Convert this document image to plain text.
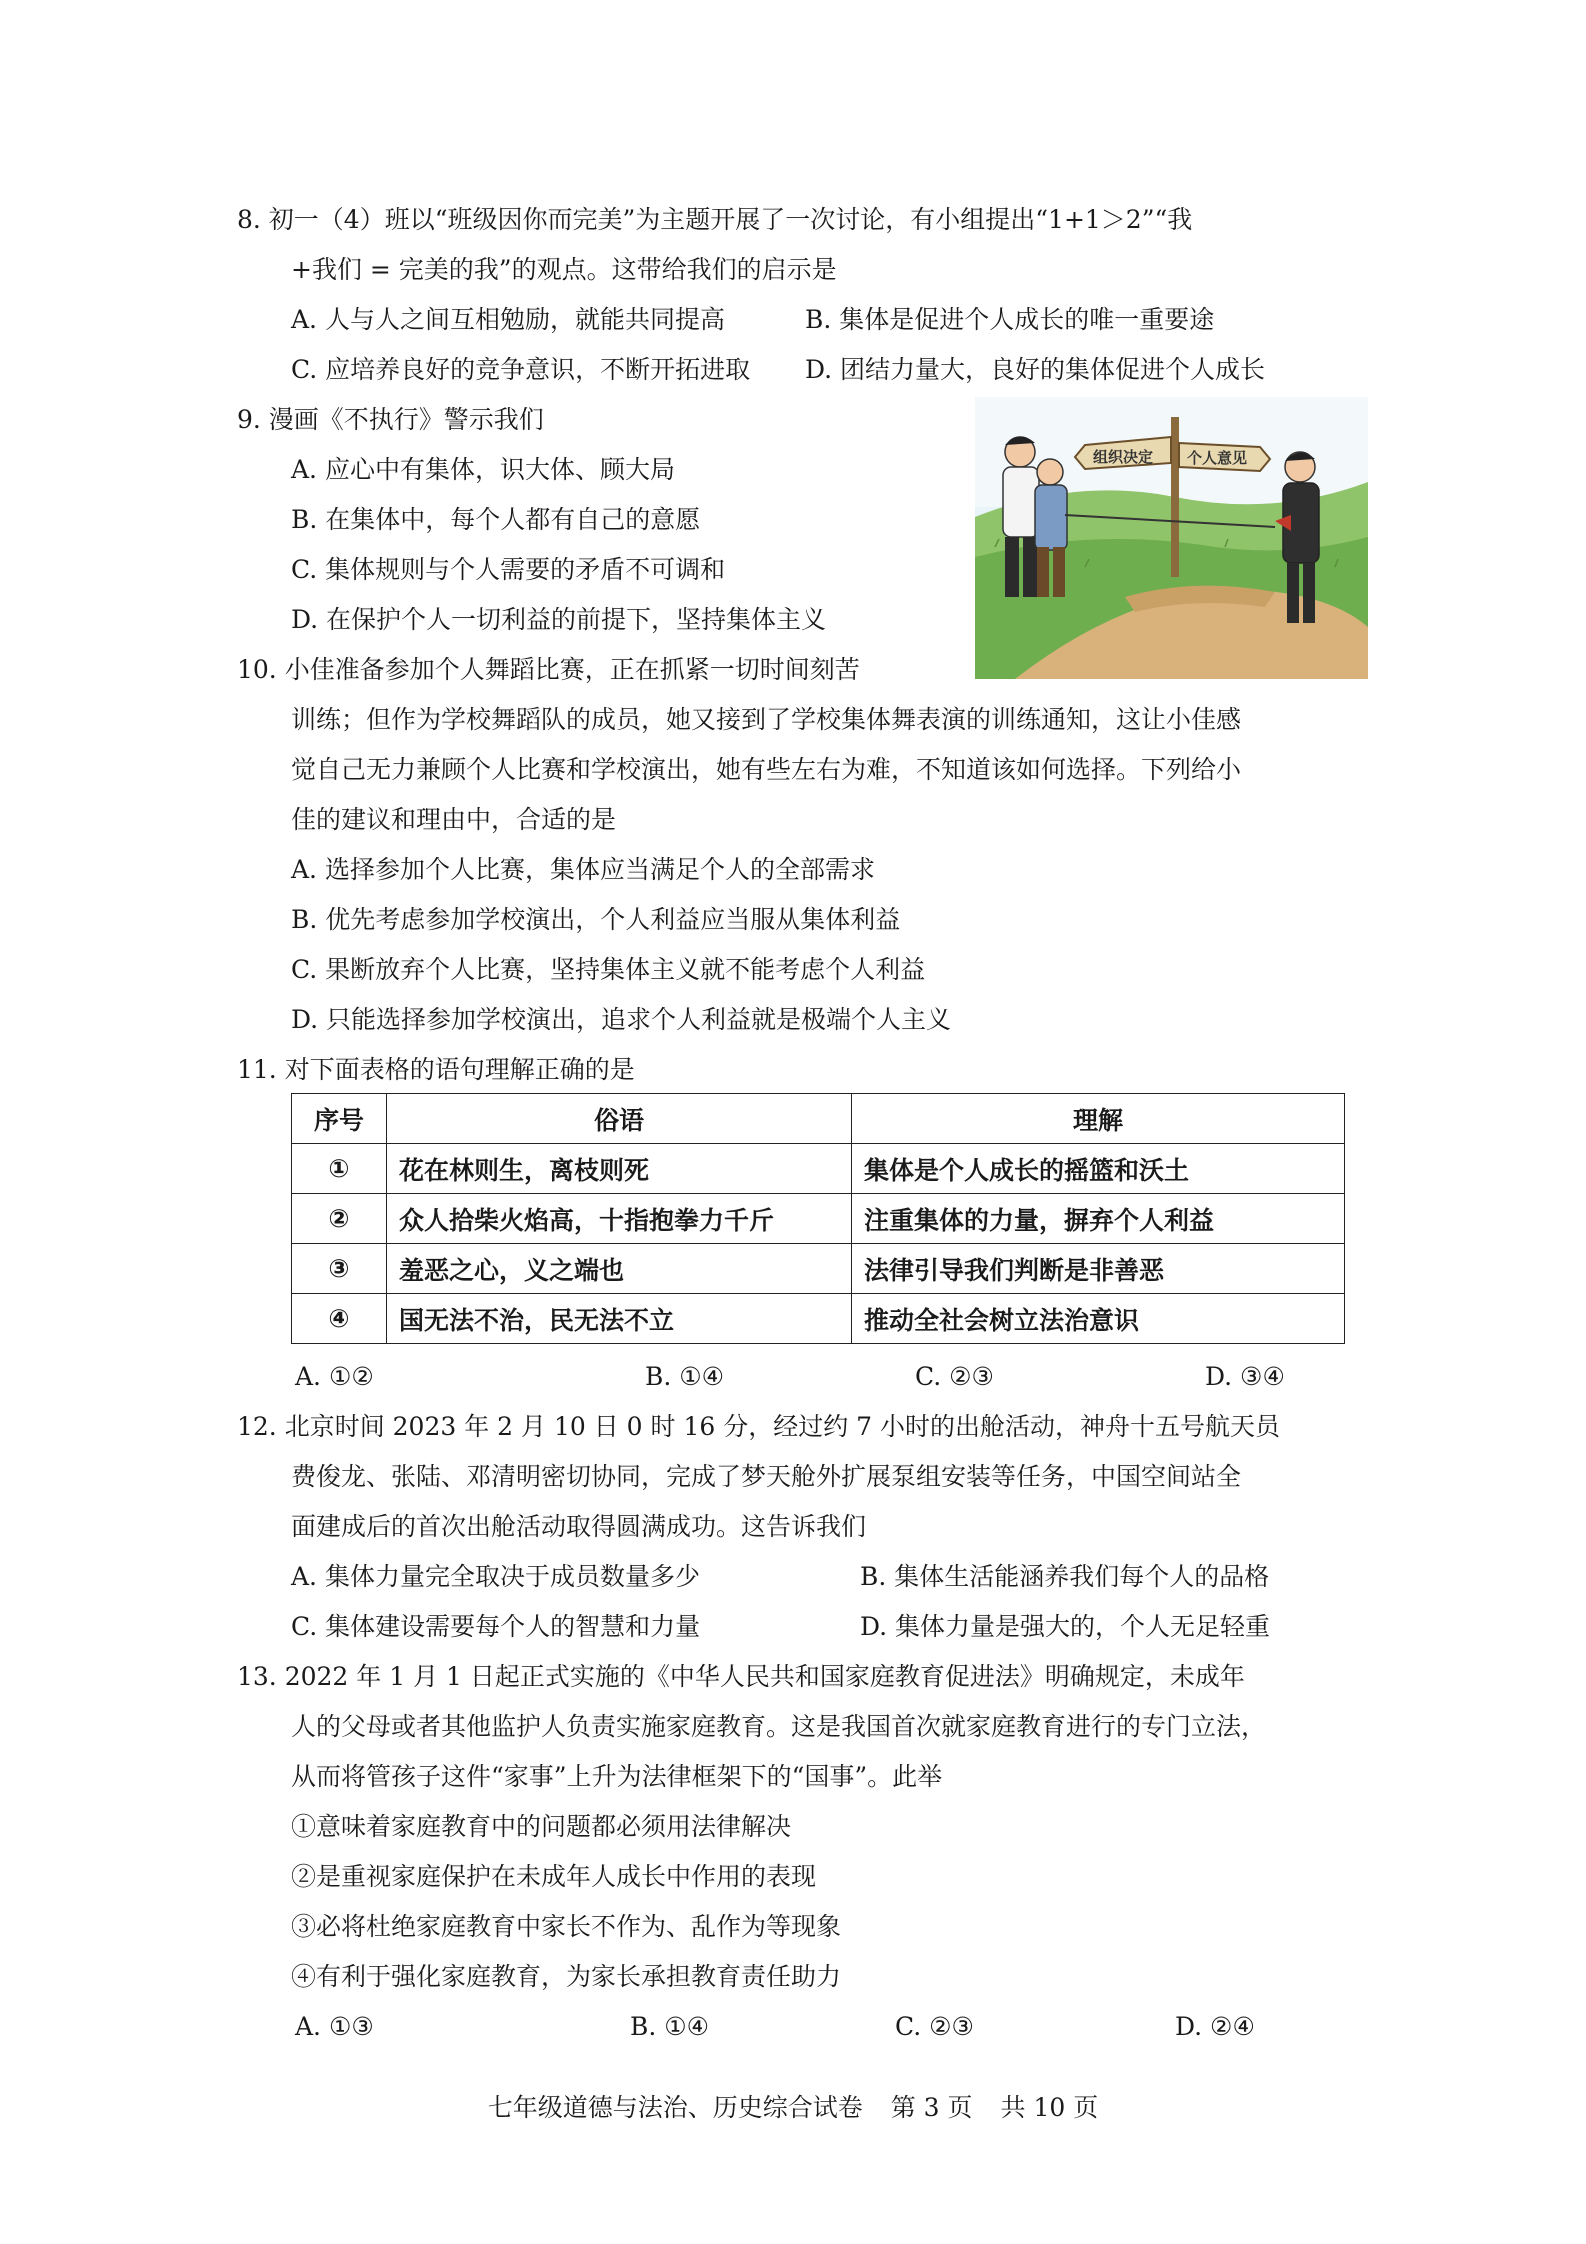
8. 初一（4）班以“班级因你而完美”为主题开展了一次讨论，有小组提出“1+1＞2”“我
+我们 = 完美的我”的观点。这带给我们的启示是
A. 人与人之间互相勉励，就能共同提高	B. 集体是促进个人成长的唯一重要途
C. 应培养良好的竞争意识，不断开拓进取 D. 团结力量大，良好的集体促进个人成长
9. 漫画《不执行》警示我们
A. 应心中有集体，识大体、顾大局
B. 在集体中，每个人都有自己的意愿
C. 集体规则与个人需要的矛盾不可调和
D. 在保护个人一切利益的前提下，坚持集体主义
组织决定 个人意见
10. 小佳准备参加个人舞蹈比赛，正在抓紧一切时间刻苦
训练；但作为学校舞蹈队的成员，她又接到了学校集体舞表演的训练通知，这让小佳感
觉自己无力兼顾个人比赛和学校演出，她有些左右为难，不知道该如何选择。下列给小
佳的建议和理由中，合适的是
A. 选择参加个人比赛，集体应当满足个人的全部需求
B. 优先考虑参加学校演出，个人利益应当服从集体利益
C. 果断放弃个人比赛，坚持集体主义就不能考虑个人利益
D. 只能选择参加学校演出，追求个人利益就是极端个人主义
11. 对下面表格的语句理解正确的是
序号	俗语	理解
①	花在林则生，离枝则死	集体是个人成长的摇篮和沃土
②	众人拾柴火焰高，十指抱拳力千斤	注重集体的力量，摒弃个人利益
③	羞恶之心，义之端也	法律引导我们判断是非善恶
④	国无法不治，民无法不立	推动全社会树立法治意识
A. ①②	B. ①④	C. ②③	D. ③④
12. 北京时间 2023 年 2 月 10 日 0 时 16 分，经过约 7 小时的出舱活动，神舟十五号航天员
费俊龙、张陆、邓清明密切协同，完成了梦天舱外扩展泵组安装等任务，中国空间站全
面建成后的首次出舱活动取得圆满成功。这告诉我们
A. 集体力量完全取决于成员数量多少	B. 集体生活能涵养我们每个人的品格
C. 集体建设需要每个人的智慧和力量	D. 集体力量是强大的，个人无足轻重
13. 2022 年 1 月 1 日起正式实施的《中华人民共和国家庭教育促进法》明确规定，未成年
人的父母或者其他监护人负责实施家庭教育。这是我国首次就家庭教育进行的专门立法，
从而将管孩子这件“家事”上升为法律框架下的“国事”。此举
①意味着家庭教育中的问题都必须用法律解决
②是重视家庭保护在未成年人成长中作用的表现
③必将杜绝家庭教育中家长不作为、乱作为等现象
④有利于强化家庭教育，为家长承担教育责任助力
A. ①③	B. ①④	C. ②③	D. ②④
七年级道德与法治、历史综合试卷 第 3 页 共 10 页
